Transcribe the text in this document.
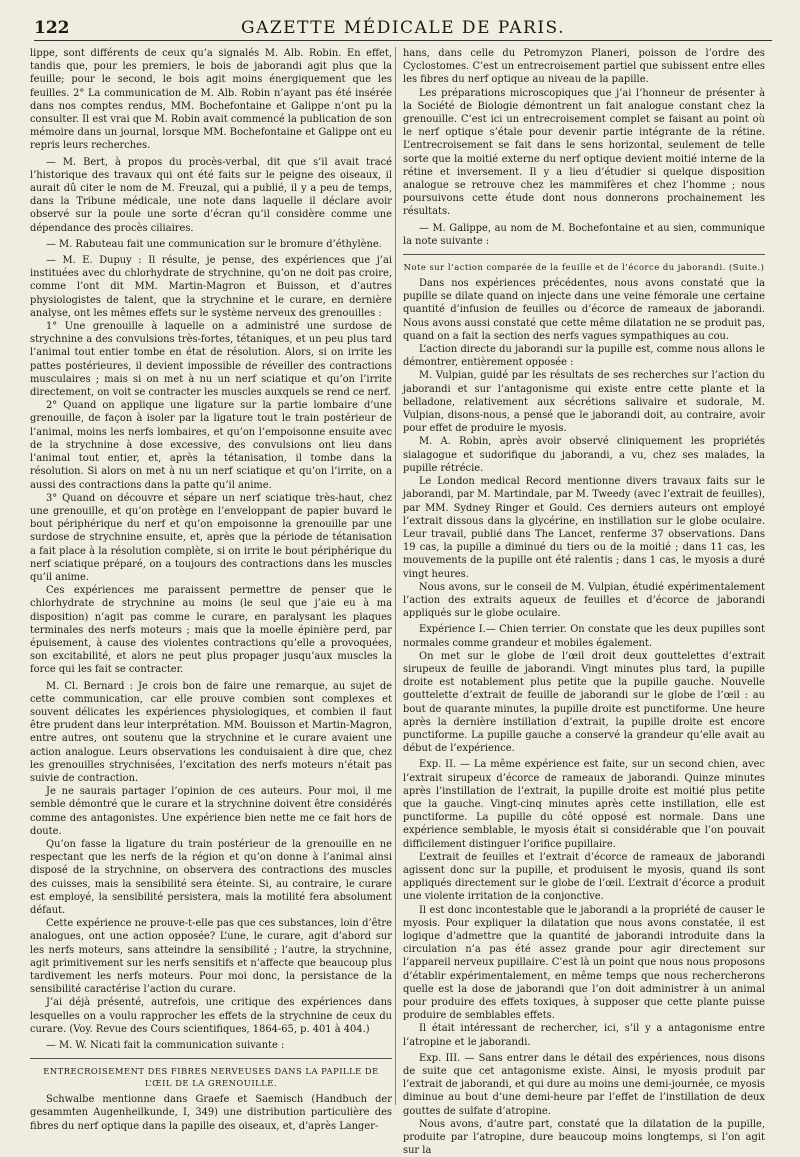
122	GAZETTE MÉDICALE DE PARIS.

lippe, sont différents de ceux qu’a signalés M. Alb. Robin. En effet, tandis que, pour les premiers, le bois de jaborandi agit plus que la feuille; pour le second, le bois agit moins énergiquement que les feuilles. 2° La communication de M. Alb. Robin n’ayant pas été insérée dans nos comptes rendus, MM. Bochefontaine et Galippe n’ont pu la consulter. Il est vrai que M. Robin avait commencé la publication de son mémoire dans un journal, lorsque MM. Bochefontaine et Galippe ont eu repris leurs recherches.

— M. Bert, à propos du procès-verbal, dit que s’il avait tracé l’historique des travaux qui ont été faits sur le peigne des oiseaux, il aurait dû citer le nom de M. Freuzal, qui a publié, il y a peu de temps, dans la Tribune médicale, une note dans laquelle il déclare avoir observé sur la poule une sorte d’écran qu’il considère comme une dépendance des procès ciliaires.

— M. Rabuteau fait une communication sur le bromure d’éthylène.

— M. E. Dupuy : Il résulte, je pense, des expériences que j’ai instituées avec du chlorhydrate de strychnine, qu’on ne doit pas croire, comme l’ont dit MM. Martin-Magron et Buisson, et d’autres physiologistes de talent, que la strychnine et le curare, en dernière analyse, ont les mêmes effets sur le système nerveux des grenouilles :

1° Une grenouille à laquelle on a administré une surdose de strychnine a des convulsions très-fortes, tétaniques, et un peu plus tard l’animal tout entier tombe en état de résolution. Alors, si on irrite les pattes postérieures, il devient impossible de réveiller des contractions musculaires ; mais si on met à nu un nerf sciatique et qu’on l’irrite directement, on voit se contracter les muscles auxquels se rend ce nerf.

2° Quand on applique une ligature sur la partie lombaire d’une grenouille, de façon à isoler par la ligature tout le train postérieur de l’animal, moins les nerfs lombaires, et qu’on l’empoisonne ensuite avec de la strychnine à dose excessive, des convulsions ont lieu dans l’animal tout entier, et, après la tétanisation, il tombe dans la résolution. Si alors on met à nu un nerf sciatique et qu’on l’irrite, on a aussi des contractions dans la patte qu’il anime.

3° Quand on découvre et sépare un nerf sciatique très-haut, chez une grenouille, et qu’on protège en l’enveloppant de papier buvard le bout périphérique du nerf et qu’on empoisonne la grenouille par une surdose de strychnine ensuite, et, après que la période de tétanisation a fait place à la résolution complète, si on irrite le bout périphérique du nerf sciatique préparé, on a toujours des contractions dans les muscles qu’il anime.

Ces expériences me paraissent permettre de penser que le chlorhydrate de strychnine au moins (le seul que j’aie eu à ma disposition) n’agit pas comme le curare, en paralysant les plaques terminales des nerfs moteurs ; mais que la moelle épinière perd, par épuisement, à cause des violentes contractions qu’elle a provoquées, son excitabilité, et alors ne peut plus propager jusqu’aux muscles la force qui les fait se contracter.

M. Cl. Bernard : Je crois bon de faire une remarque, au sujet de cette communication, car elle prouve combien sont complexes et souvent délicates les expériences physiologiques, et combien il faut être prudent dans leur interprétation. MM. Bouisson et Martin-Magron, entre autres, ont soutenu que la strychnine et le curare avaient une action analogue. Leurs observations les conduisaient à dire que, chez les grenouilles strychnisées, l’excitation des nerfs moteurs n’était pas suivie de contraction.

Je ne saurais partager l’opinion de ces auteurs. Pour moi, il me semble démontré que le curare et la strychnine doivent être considérés comme des antagonistes. Une expérience bien nette me ce fait hors de doute.

Qu’on fasse la ligature du train postérieur de la grenouille en ne respectant que les nerfs de la région et qu’on donne à l’animal ainsi disposé de la strychnine, on observera des contractions des muscles des cuisses, mais la sensibilité sera éteinte. Si, au contraire, le curare est employé, la sensibilité persistera, mais la motilité fera absolument défaut.

Cette expérience ne prouve-t-elle pas que ces substances, loin d’être analogues, ont une action opposée? L’une, le curare, agit d’abord sur les nerfs moteurs, sans atteindre la sensibilité ; l’autre, la strychnine, agit primitivement sur les nerfs sensitifs et n’affecte que beaucoup plus tardivement les nerfs moteurs. Pour moi donc, la persistance de la sensibilité caractérise l’action du curare.

J’ai déjà présenté, autrefois, une critique des expériences dans lesquelles on a voulu rapprocher les effets de la strychnine de ceux du curare. (Voy. Revue des Cours scientifiques, 1864-65, p. 401 à 404.)

— M. W. Nicati fait la communication suivante :

ENTRECROISEMENT DES FIBRES NERVEUSES DANS LA PAPILLE DE L’ŒIL DE LA GRENOUILLE.

Schwalbe mentionne dans Graefe et Saemisch (Handbuch der gesammten Augenheilkunde, I, 349) une distribution particulière des fibres du nerf optique dans la papille des oiseaux, et, d’après Langer-

hans, dans celle du Petromyzon Planeri, poisson de l’ordre des Cyclostomes. C’est un entrecroisement partiel que subissent entre elles les fibres du nerf optique au niveau de la papille.

Les préparations microscopiques que j’ai l’honneur de présenter à la Société de Biologie démontrent un fait analogue constant chez la grenouille. C’est ici un entrecroisement complet se faisant au point où le nerf optique s’étale pour devenir partie intégrante de la rétine. L’entrecroisement se fait dans le sens horizontal, seulement de telle sorte que la moitié externe du nerf optique devient moitié interne de la rétine et inversement. Il y a lieu d’étudier si quelque disposition analogue se retrouve chez les mammifères et chez l’homme ; nous poursuivons cette étude dont nous donnerons prochainement les résultats.

— M. Galippe, au nom de M. Bochefontaine et au sien, communique la note suivante :

Note sur l’action comparée de la feuille et de l’écorce du jaborandi. (Suite.)

Dans nos expériences précédentes, nous avons constaté que la pupille se dilate quand on injecte dans une veine fémorale une certaine quantité d’infusion de feuilles ou d’écorce de rameaux de jaborandi. Nous avons aussi constaté que cette même dilatation ne se produit pas, quand on a fait la section des nerfs vagues sympathiques au cou.

L’action directe du jaborandi sur la pupille est, comme nous allons le démontrer, entièrement opposée :

M. Vulpian, guidé par les résultats de ses recherches sur l’action du jaborandi et sur l’antagonisme qui existe entre cette plante et la belladone, relativement aux sécrétions salivaire et sudorale, M. Vulpian, disons-nous, a pensé que le jaborandi doit, au contraire, avoir pour effet de produire le myosis.

M. A. Robin, après avoir observé cliniquement les propriétés sialagogue et sudorifique du jaborandi, a vu, chez ses malades, la pupille rétrécie.

Le London medical Record mentionne divers travaux faits sur le jaborandi, par M. Martindale, par M. Tweedy (avec l’extrait de feuilles), par MM. Sydney Ringer et Gould. Ces derniers auteurs ont employé l’extrait dissous dans la glycérine, en instillation sur le globe oculaire. Leur travail, publié dans The Lancet, renferme 37 observations. Dans 19 cas, la pupille a diminué du tiers ou de la moitié ; dans 11 cas, les mouvements de la pupille ont été ralentis ; dans 1 cas, le myosis a duré vingt heures.

Nous avons, sur le conseil de M. Vulpian, étudié expérimentalement l’action des extraits aqueux de feuilles et d’écorce de jaborandi appliqués sur le globe oculaire.

Expérience I.— Chien terrier. On constate que les deux pupilles sont normales comme grandeur et mobiles également.

On met sur le globe de l’œil droit deux gouttelettes d’extrait sirupeux de feuille de jaborandi. Vingt minutes plus tard, la pupille droite est notablement plus petite que la pupille gauche. Nouvelle gouttelette d’extrait de feuille de jaborandi sur le globe de l’œil : au bout de quarante minutes, la pupille droite est punctiforme. Une heure après la dernière instillation d’extrait, la pupille droite est encore punctiforme. La pupille gauche a conservé la grandeur qu’elle avait au début de l’expérience.

Exp. II. — La même expérience est faite, sur un second chien, avec l’extrait sirupeux d’écorce de rameaux de jaborandi. Quinze minutes après l’instillation de l’extrait, la pupille droite est moitié plus petite que la gauche. Vingt-cinq minutes après cette instillation, elle est punctiforme. La pupille du côté opposé est normale. Dans une expérience semblable, le myosis était si considérable que l’on pouvait difficilement distinguer l’orifice pupillaire.

L’extrait de feuilles et l’extrait d’écorce de rameaux de jaborandi agissent donc sur la pupille, et produisent le myosis, quand ils sont appliqués directement sur le globe de l’œil. L’extrait d’écorce a produit une violente irritation de la conjonctive.

Il est donc incontestable que le jaborandi a la propriété de causer le myosis. Pour expliquer la dilatation que nous avons constatée, il est logique d’admettre que la quantité de jaborandi introduite dans la circulation n’a pas été assez grande pour agir directement sur l’appareil nerveux pupillaire. C’est là un point que nous nous proposons d’établir expérimentalement, en même temps que nous rechercherons quelle est la dose de jaborandi que l’on doit administrer à un animal pour produire des effets toxiques, à supposer que cette plante puisse produire de semblables effets.

Il était intéressant de rechercher, ici, s’il y a antagonisme entre l’atropine et le jaborandi.

Exp. III. — Sans entrer dans le détail des expériences, nous disons de suite que cet antagonisme existe. Ainsi, le myosis produit par l’extrait de jaborandi, et qui dure au moins une demi-journée, ce myosis diminue au bout d’une demi-heure par l’effet de l’instillation de deux gouttes de sulfate d’atropine.

Nous avons, d’autre part, constaté que la dilatation de la pupille, produite par l’atropine, dure beaucoup moins longtemps, si l’on agit sur la
